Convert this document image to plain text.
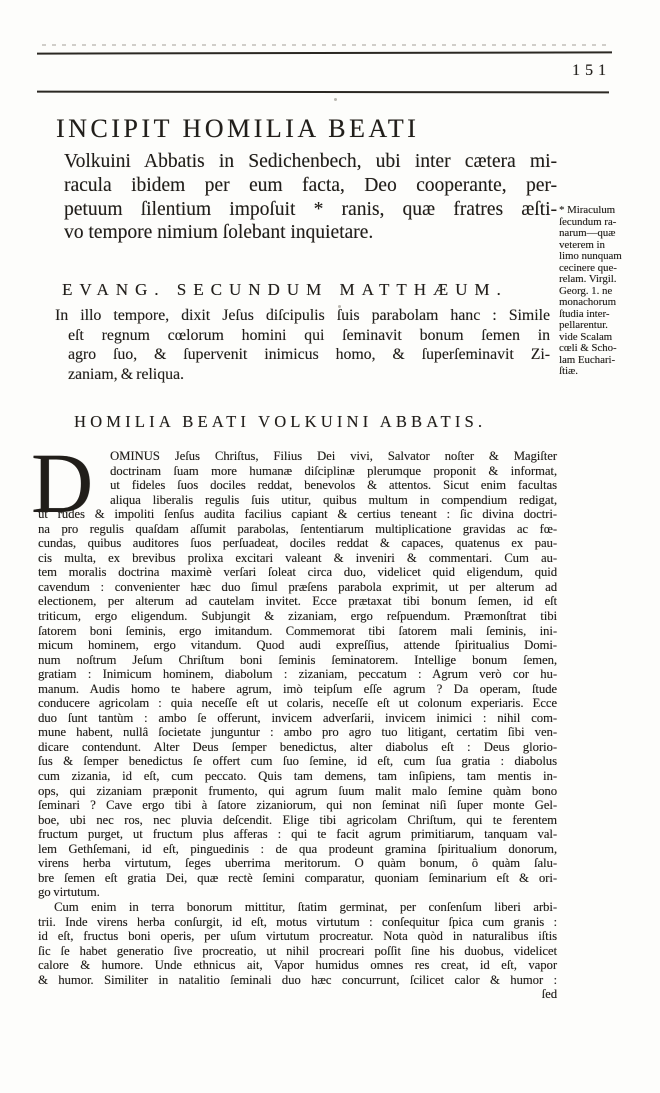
151
INCIPIT HOMILIA BEATI
Volkuini Abbatis in Sedichenbech, ubi inter cætera mi-
racula ibidem per eum facta, Deo cooperante, per-
petuum ſilentium impoſuit * ranis, quæ fratres æſti-
vo tempore nimium ſolebant inquietare.
* Miraculum
ſecundum ra-
narum—quæ
veterem in
limo nunquam
cecinere que-
relam. Virgil.
Georg. 1. ne
monachorum
ſtudia inter-
pellarentur.
vide Scalam
cœli & Scho-
lam Euchari-
ſtiæ.
EVANG. SECUNDUM MATTHÆUM.
In illo tempore, dixit Jeſus diſcipulis ſuis parabolam hanc : Simile
eſt regnum cœlorum homini qui ſeminavit bonum ſemen in
agro ſuo, & ſupervenit inimicus homo, & ſuperſeminavit Zi-
zaniam, & reliqua.
HOMILIA BEATI VOLKUINI ABBATIS.
D OMINUS Jeſus Chriſtus, Filius Dei vivi, Salvator noſter & Magiſter
doctrinam ſuam more humanæ diſciplinæ plerumque proponit & informat,
ut fideles ſuos dociles reddat, benevolos & attentos. Sicut enim facultas
aliqua liberalis regulis ſuis utitur, quibus multum in compendium redigat,
ut rudes & impoliti ſenſus audita facilius capiant & certius teneant : ſic divina doctri-
na pro regulis quaſdam aſſumit parabolas, ſententiarum multiplicatione gravidas ac fœ-
cundas, quibus auditores ſuos perſuadeat, dociles reddat & capaces, quatenus ex pau-
cis multa, ex brevibus prolixa excitari valeant & inveniri & commentari. Cum au-
tem moralis doctrina maximè verſari ſoleat circa duo, videlicet quid eligendum, quid
cavendum : convenienter hæc duo ſimul præſens parabola exprimit, ut per alterum ad
electionem, per alterum ad cautelam invitet. Ecce prætaxat tibi bonum ſemen, id eſt
triticum, ergo eligendum. Subjungit & zizaniam, ergo reſpuendum. Præmonſtrat tibi
ſatorem boni ſeminis, ergo imitandum. Commemorat tibi ſatorem mali ſeminis, ini-
micum hominem, ergo vitandum. Quod audi expreſſius, attende ſpiritualius Domi-
num noſtrum Jeſum Chriſtum boni ſeminis ſeminatorem. Intellige bonum ſemen,
gratiam : Inimicum hominem, diabolum : zizaniam, peccatum : Agrum verò cor hu-
manum. Audis homo te habere agrum, imò teipſum eſſe agrum ? Da operam, ſtude
conducere agricolam : quia neceſſe eſt ut colaris, neceſſe eſt ut colonum experiaris. Ecce
duo ſunt tantùm : ambo ſe offerunt, invicem adverſarii, invicem inimici : nihil com-
mune habent, nullâ ſocietate junguntur : ambo pro agro tuo litigant, certatim ſibi ven-
dicare contendunt. Alter Deus ſemper benedictus, alter diabolus eſt : Deus glorio-
ſus & ſemper benedictus ſe offert cum ſuo ſemine, id eſt, cum ſua gratia : diabolus
cum zizania, id eſt, cum peccato. Quis tam demens, tam inſipiens, tam mentis in-
ops, qui zizaniam præponit frumento, qui agrum ſuum malit malo ſemine quàm bono
ſeminari ? Cave ergo tibi à ſatore zizaniorum, qui non ſeminat niſi ſuper monte Gel-
boe, ubi nec ros, nec pluvia deſcendit. Elige tibi agricolam Chriſtum, qui te ferentem
fructum purget, ut fructum plus afferas : qui te facit agrum primitiarum, tanquam val-
lem Gethſemani, id eſt, pinguedinis : de qua prodeunt gramina ſpiritualium donorum,
virens herba virtutum, ſeges uberrima meritorum. O quàm bonum, ô quàm ſalu-
bre ſemen eſt gratia Dei, quæ rectè ſemini comparatur, quoniam ſeminarium eſt & ori-
go virtutum.
Cum enim in terra bonorum mittitur, ſtatim germinat, per conſenſum liberi arbi-
trii. Inde virens herba conſurgit, id eſt, motus virtutum : conſequitur ſpica cum granis :
id eſt, fructus boni operis, per uſum virtutum procreatur. Nota quòd in naturalibus iſtis
ſic ſe habet generatio ſive procreatio, ut nihil procreari poſſit ſine his duobus, videlicet
calore & humore. Unde ethnicus ait, Vapor humidus omnes res creat, id eſt, vapor
& humor. Similiter in natalitio ſeminali duo hæc concurrunt, ſcilicet calor & humor :
ſed
